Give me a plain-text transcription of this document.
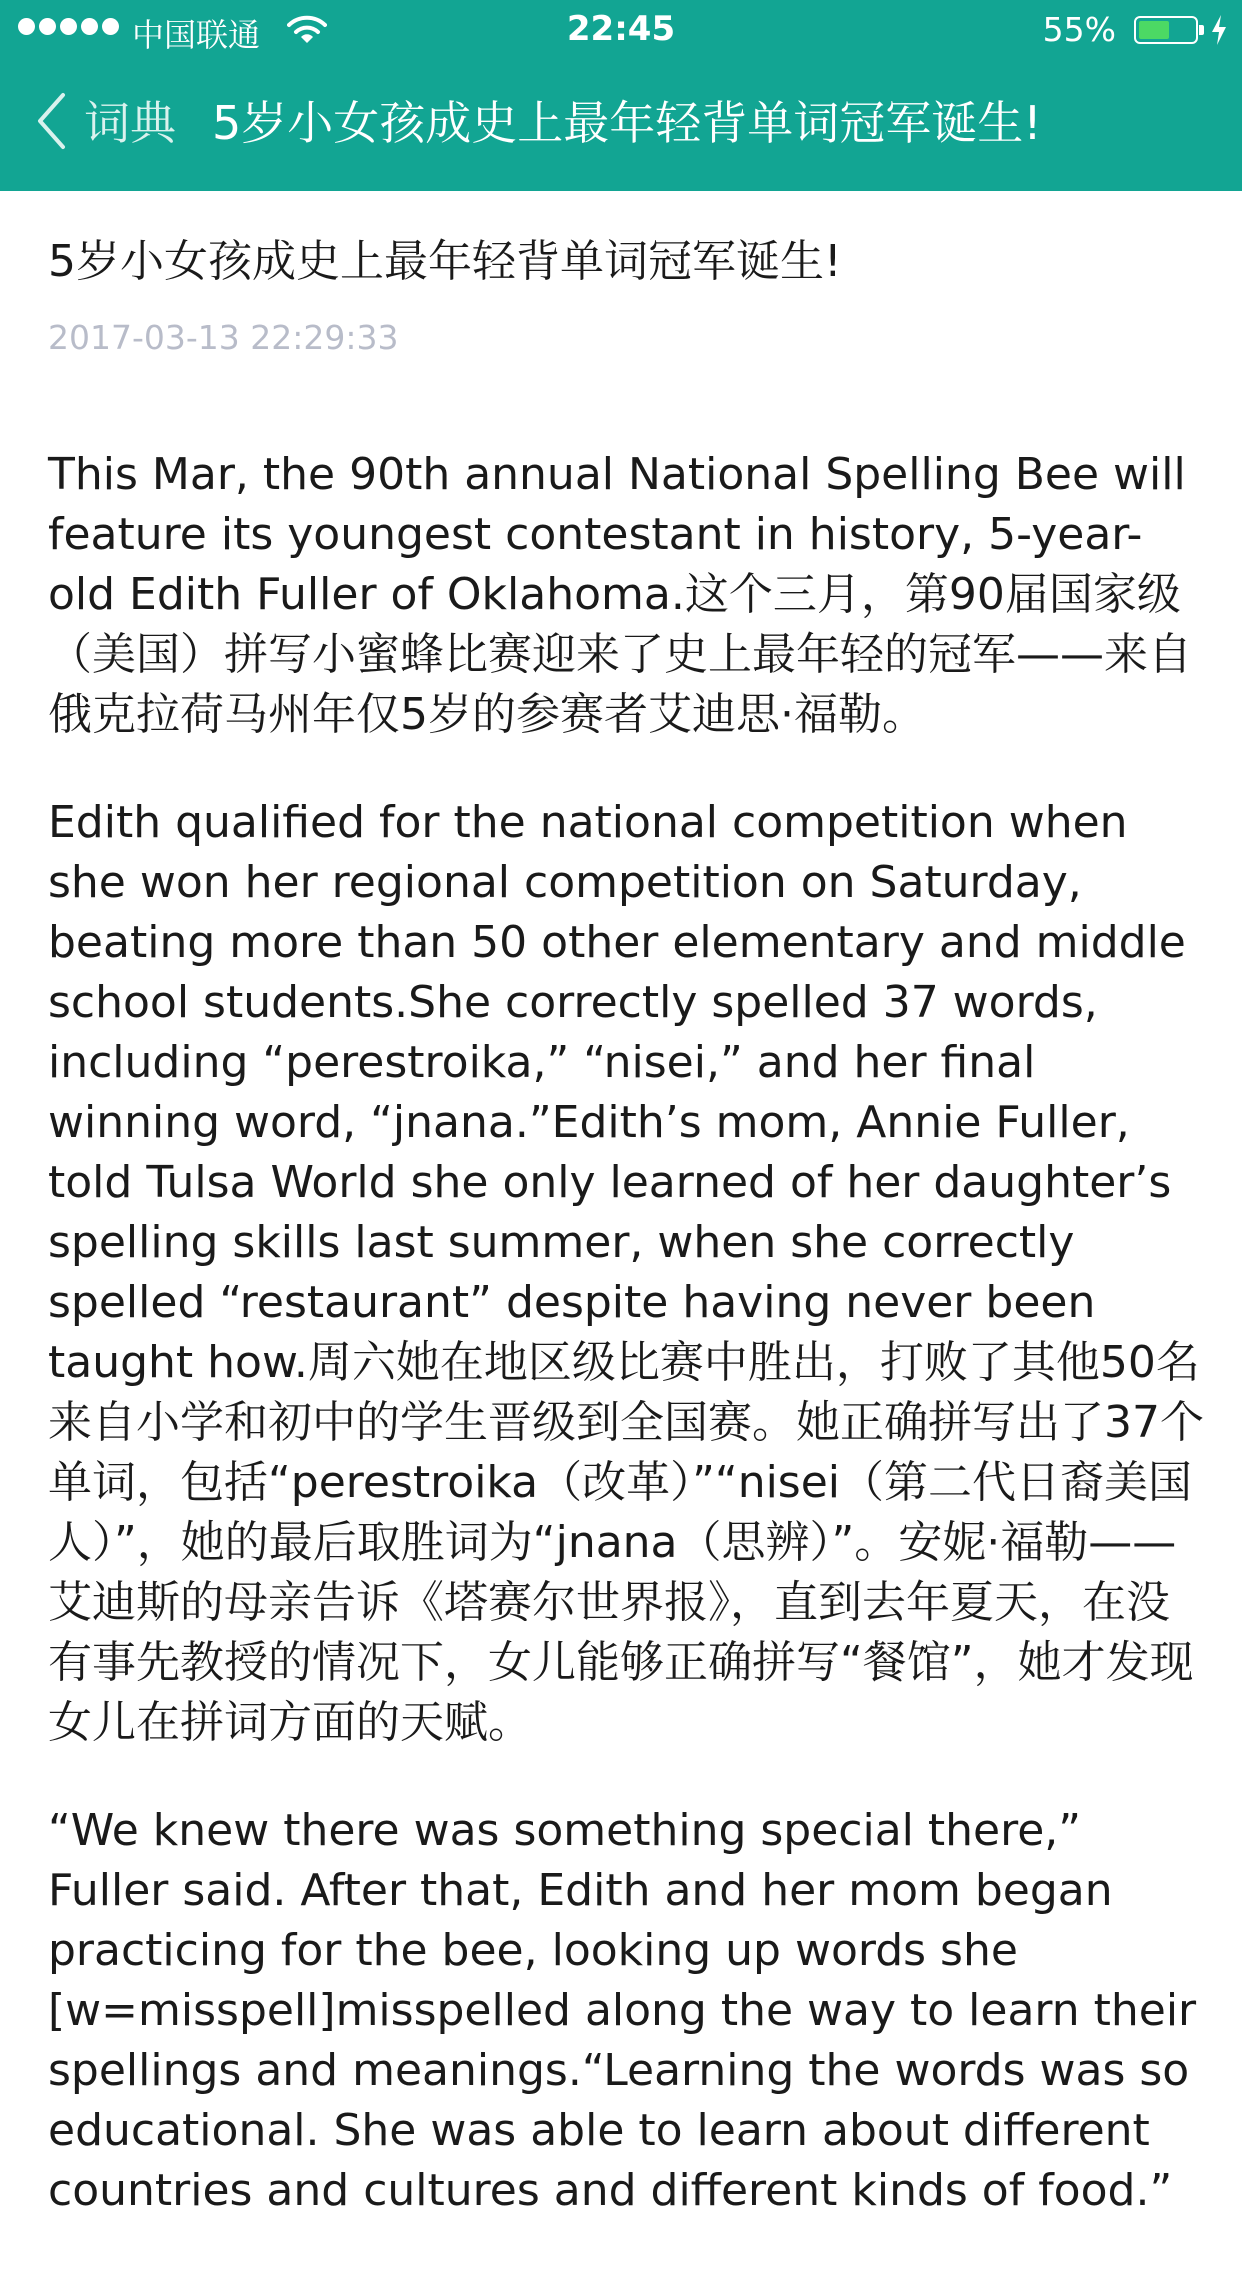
中国联通	22:45	55%
词典 5岁小女孩成史上最年轻背单词冠军诞生!
5岁小女孩成史上最年轻背单词冠军诞生!
2017-03-13 22:29:33

This Mar, the 90th annual National Spelling Bee will feature its youngest contestant in history, 5-year-old Edith Fuller of Oklahoma.这个三月，第90届国家级（美国）拼写小蜜蜂比赛迎来了史上最年轻的冠军——来自俄克拉荷马州年仅5岁的参赛者艾迪思·福勒。

Edith qualified for the national competition when she won her regional competition on Saturday, beating more than 50 other elementary and middle school students.She correctly spelled 37 words, including “perestroika,” “nisei,” and her final winning word, “jnana.”Edith’s mom, Annie Fuller, told Tulsa World she only learned of her daughter’s spelling skills last summer, when she correctly spelled “restaurant” despite having never been taught how.周六她在地区级比赛中胜出，打败了其他50名来自小学和初中的学生晋级到全国赛。她正确拼写出了37个单词，包括“perestroika（改革）”“nisei（第二代日裔美国人）”，她的最后取胜词为“jnana（思辨）”。安妮·福勒——艾迪斯的母亲告诉《塔赛尔世界报》，直到去年夏天，在没有事先教授的情况下，女儿能够正确拼写“餐馆”，她才发现女儿在拼词方面的天赋。

“We knew there was something special there,” Fuller said. After that, Edith and her mom began practicing for the bee, looking up words she [w=misspell]misspelled along the way to learn their spellings and meanings.“Learning the words was so educational. She was able to learn about different countries and cultures and different kinds of food.”
